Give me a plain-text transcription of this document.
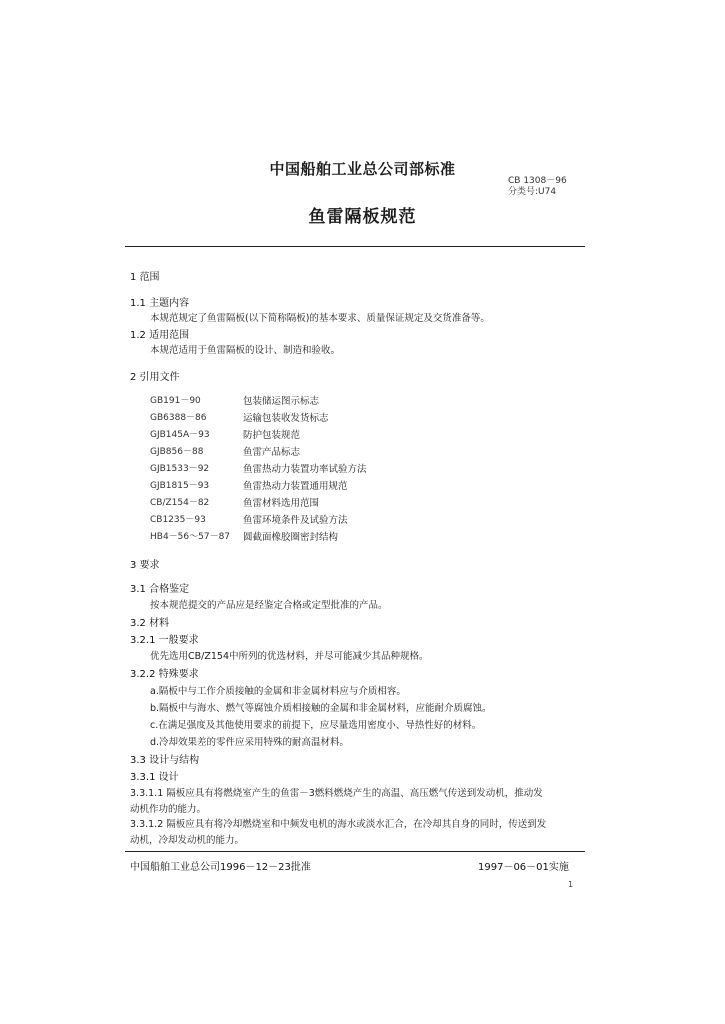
中国船舶工业总公司部标准
CB 1308－96
分类号:U74
鱼雷隔板规范
1 范围
1.1 主题内容
本规范规定了鱼雷隔板(以下简称隔板)的基本要求、质量保证规定及交货准备等。
1.2 适用范围
本规范适用于鱼雷隔板的设计、制造和验收。
2 引用文件
GB191－90	包装储运图示标志
GB6388－86	运输包装收发货标志
GJB145A－93	防护包装规范
GJB856－88	鱼雷产品标志
GJB1533－92	鱼雷热动力装置功率试验方法
GJB1815－93	鱼雷热动力装置通用规范
CB/Z154－82	鱼雷材料选用范围
CB1235－93	鱼雷环境条件及试验方法
HB4－56～57－87 圆截面橡胶圈密封结构
3 要求
3.1 合格鉴定
按本规范提交的产品应是经鉴定合格或定型批准的产品。
3.2 材料
3.2.1 一般要求
优先选用CB/Z154中所列的优选材料，并尽可能减少其品种规格。
3.2.2 特殊要求
a.隔板中与工作介质接触的金属和非金属材料应与介质相容。
b.隔板中与海水、燃气等腐蚀介质相接触的金属和非金属材料，应能耐介质腐蚀。
c.在满足强度及其他使用要求的前提下，应尽量选用密度小、导热性好的材料。
d.冷却效果差的零件应采用特殊的耐高温材料。
3.3 设计与结构
3.3.1 设计
3.3.1.1 隔板应具有将燃烧室产生的鱼雷－3燃料燃烧产生的高温、高压燃气传送到发动机，推动发
动机作功的能力。
3.3.1.2 隔板应具有将冷却燃烧室和中频发电机的海水或淡水汇合，在冷却其自身的同时，传送到发
动机，冷却发动机的能力。
中国船舶工业总公司1996－12－23批准	1997－06－01实施
1
